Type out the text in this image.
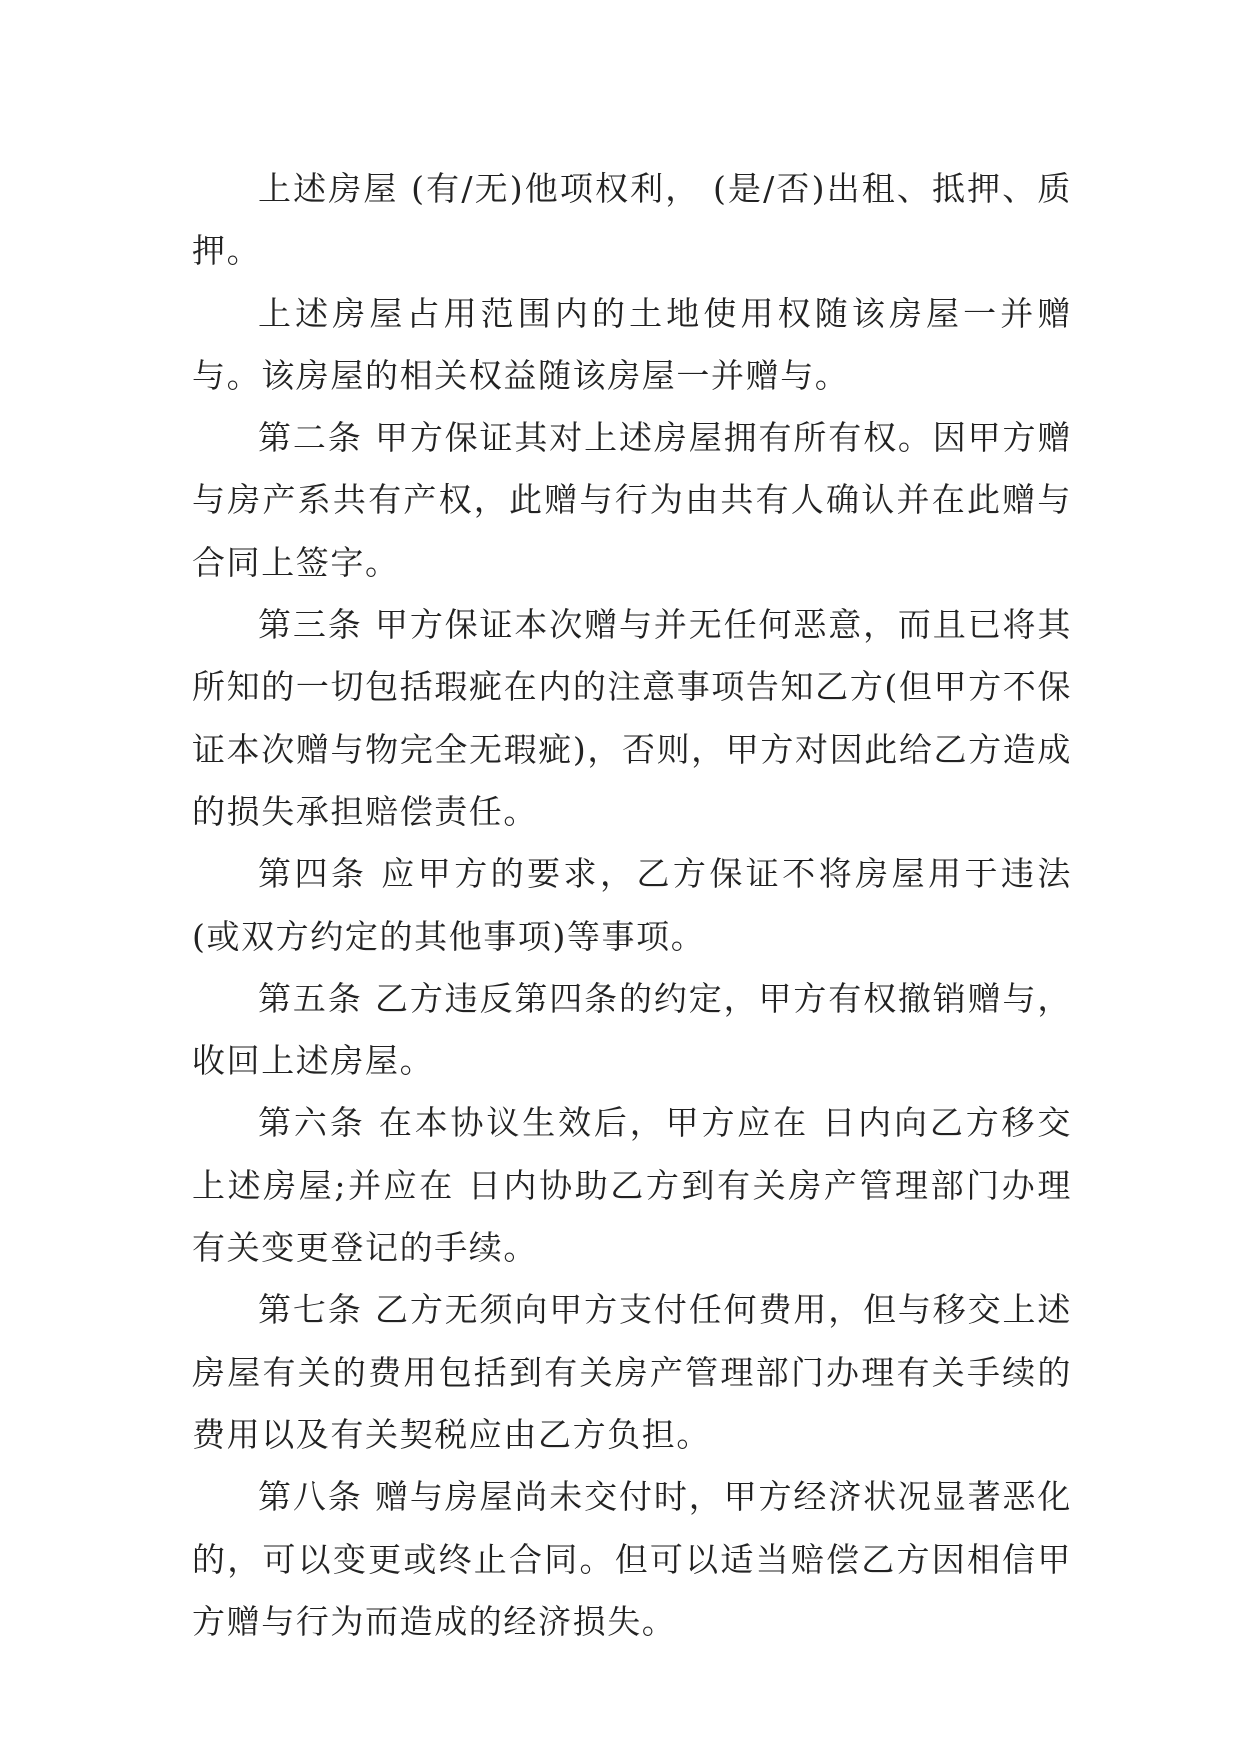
上述房屋 (有/无)他项权利， (是/否)出租、抵押、质押。

上述房屋占用范围内的土地使用权随该房屋一并赠与。该房屋的相关权益随该房屋一并赠与。

第二条 甲方保证其对上述房屋拥有所有权。因甲方赠与房产系共有产权，此赠与行为由共有人确认并在此赠与合同上签字。

第三条 甲方保证本次赠与并无任何恶意，而且已将其所知的一切包括瑕疵在内的注意事项告知乙方(但甲方不保证本次赠与物完全无瑕疵)，否则，甲方对因此给乙方造成的损失承担赔偿责任。

第四条 应甲方的要求，乙方保证不将房屋用于违法(或双方约定的其他事项)等事项。

第五条 乙方违反第四条的约定，甲方有权撤销赠与，收回上述房屋。

第六条 在本协议生效后，甲方应在 日内向乙方移交上述房屋;并应在 日内协助乙方到有关房产管理部门办理有关变更登记的手续。

第七条 乙方无须向甲方支付任何费用，但与移交上述房屋有关的费用包括到有关房产管理部门办理有关手续的费用以及有关契税应由乙方负担。

第八条 赠与房屋尚未交付时，甲方经济状况显著恶化的，可以变更或终止合同。但可以适当赔偿乙方因相信甲方赠与行为而造成的经济损失。
